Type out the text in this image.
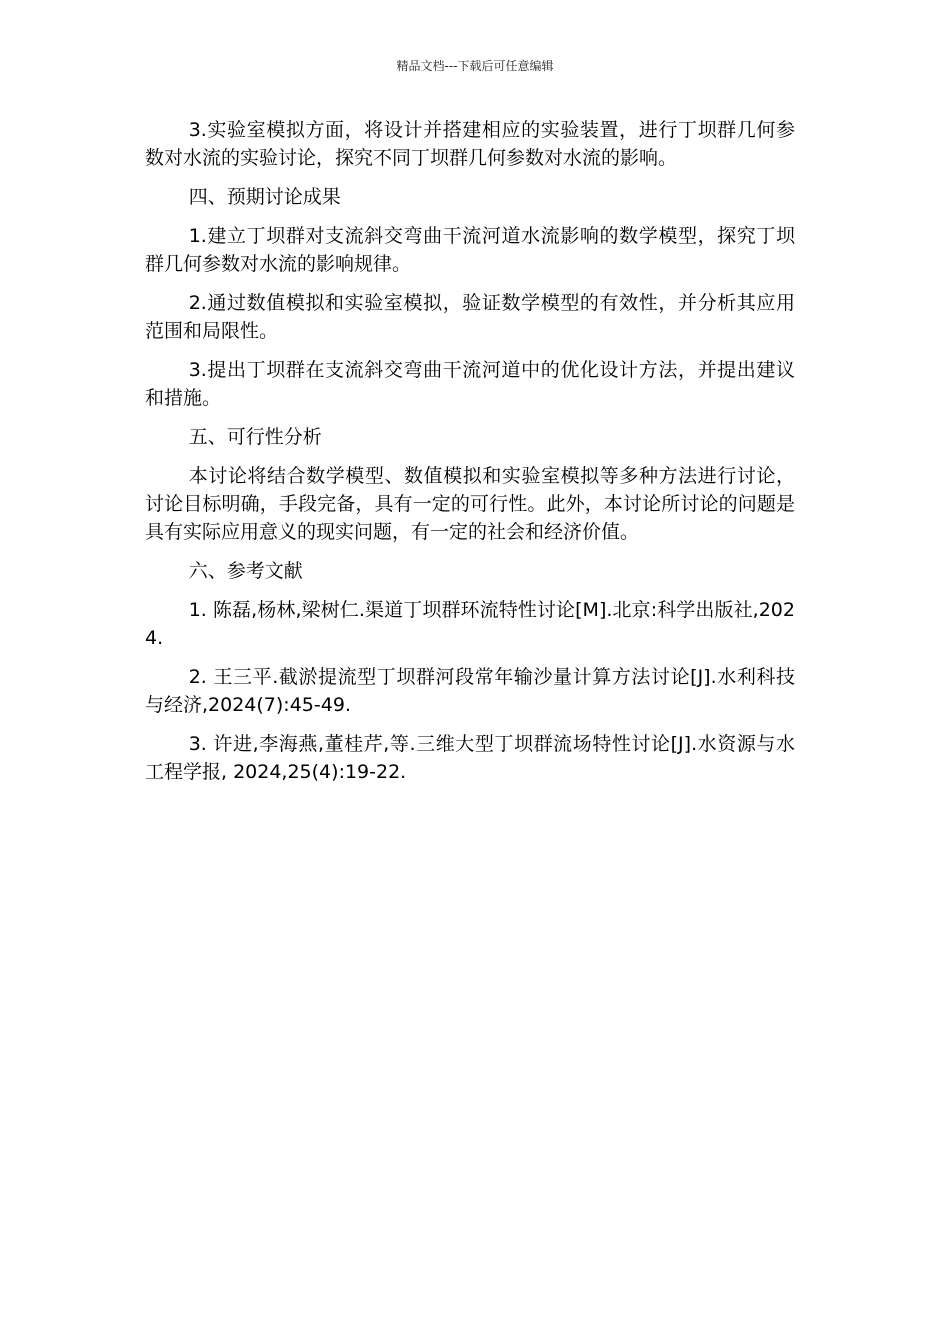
精品文档---下载后可任意编辑

3.实验室模拟方面，将设计并搭建相应的实验装置，进行丁坝群几何参数对水流的实验讨论，探究不同丁坝群几何参数对水流的影响。

四、预期讨论成果

1.建立丁坝群对支流斜交弯曲干流河道水流影响的数学模型，探究丁坝群几何参数对水流的影响规律。

2.通过数值模拟和实验室模拟，验证数学模型的有效性，并分析其应用范围和局限性。

3.提出丁坝群在支流斜交弯曲干流河道中的优化设计方法，并提出建议和措施。

五、可行性分析

本讨论将结合数学模型、数值模拟和实验室模拟等多种方法进行讨论，讨论目标明确，手段完备，具有一定的可行性。此外，本讨论所讨论的问题是具有实际应用意义的现实问题，有一定的社会和经济价值。

六、参考文献

1. 陈磊,杨林,梁树仁.渠道丁坝群环流特性讨论[M].北京:科学出版社,2024.

2. 王三平.截淤提流型丁坝群河段常年输沙量计算方法讨论[J].水利科技与经济,2024(7):45-49.

3. 许进,李海燕,董桂芹,等.三维大型丁坝群流场特性讨论[J].水资源与水工程学报, 2024,25(4):19-22.
